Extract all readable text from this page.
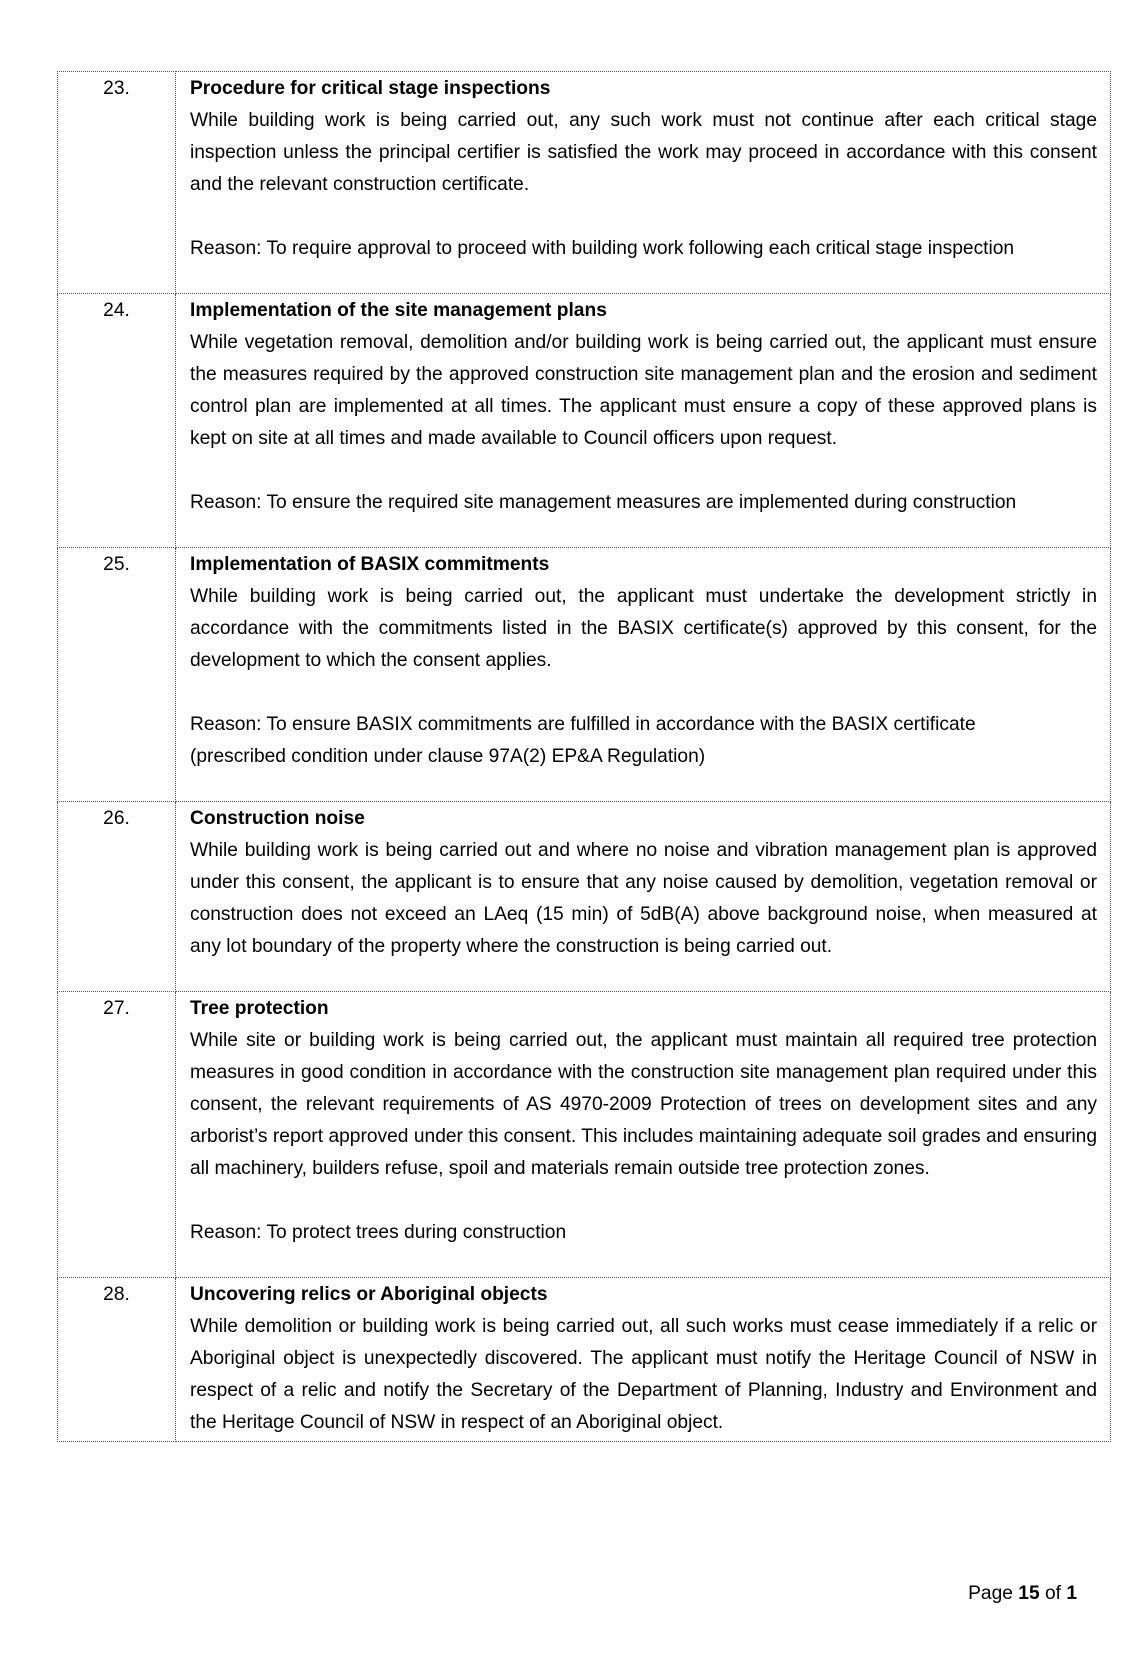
23.	Procedure for critical stage inspections

While building work is being carried out, any such work must not continue after each critical stage inspection unless the principal certifier is satisfied the work may proceed in accordance with this consent and the relevant construction certificate.

Reason: To require approval to proceed with building work following each critical stage inspection

24.	Implementation of the site management plans

While vegetation removal, demolition and/or building work is being carried out, the applicant must ensure the measures required by the approved construction site management plan and the erosion and sediment control plan are implemented at all times. The applicant must ensure a copy of these approved plans is kept on site at all times and made available to Council officers upon request.

Reason: To ensure the required site management measures are implemented during construction

25.	Implementation of BASIX commitments

While building work is being carried out, the applicant must undertake the development strictly in accordance with the commitments listed in the BASIX certificate(s) approved by this consent, for the development to which the consent applies.

Reason: To ensure BASIX commitments are fulfilled in accordance with the BASIX certificate
(prescribed condition under clause 97A(2) EP&A Regulation)

26.	Construction noise

While building work is being carried out and where no noise and vibration management plan is approved under this consent, the applicant is to ensure that any noise caused by demolition, vegetation removal or construction does not exceed an LAeq (15 min) of 5dB(A) above background noise, when measured at any lot boundary of the property where the construction is being carried out.

27.	Tree protection

While site or building work is being carried out, the applicant must maintain all required tree protection measures in good condition in accordance with the construction site management plan required under this consent, the relevant requirements of AS 4970-2009 Protection of trees on development sites and any arborist’s report approved under this consent. This includes maintaining adequate soil grades and ensuring all machinery, builders refuse, spoil and materials remain outside tree protection zones.

Reason: To protect trees during construction

28.	Uncovering relics or Aboriginal objects

While demolition or building work is being carried out, all such works must cease immediately if a relic or Aboriginal object is unexpectedly discovered. The applicant must notify the Heritage Council of NSW in respect of a relic and notify the Secretary of the Department of Planning, Industry and Environment and the Heritage Council of NSW in respect of an Aboriginal object.

Page 15 of 1
